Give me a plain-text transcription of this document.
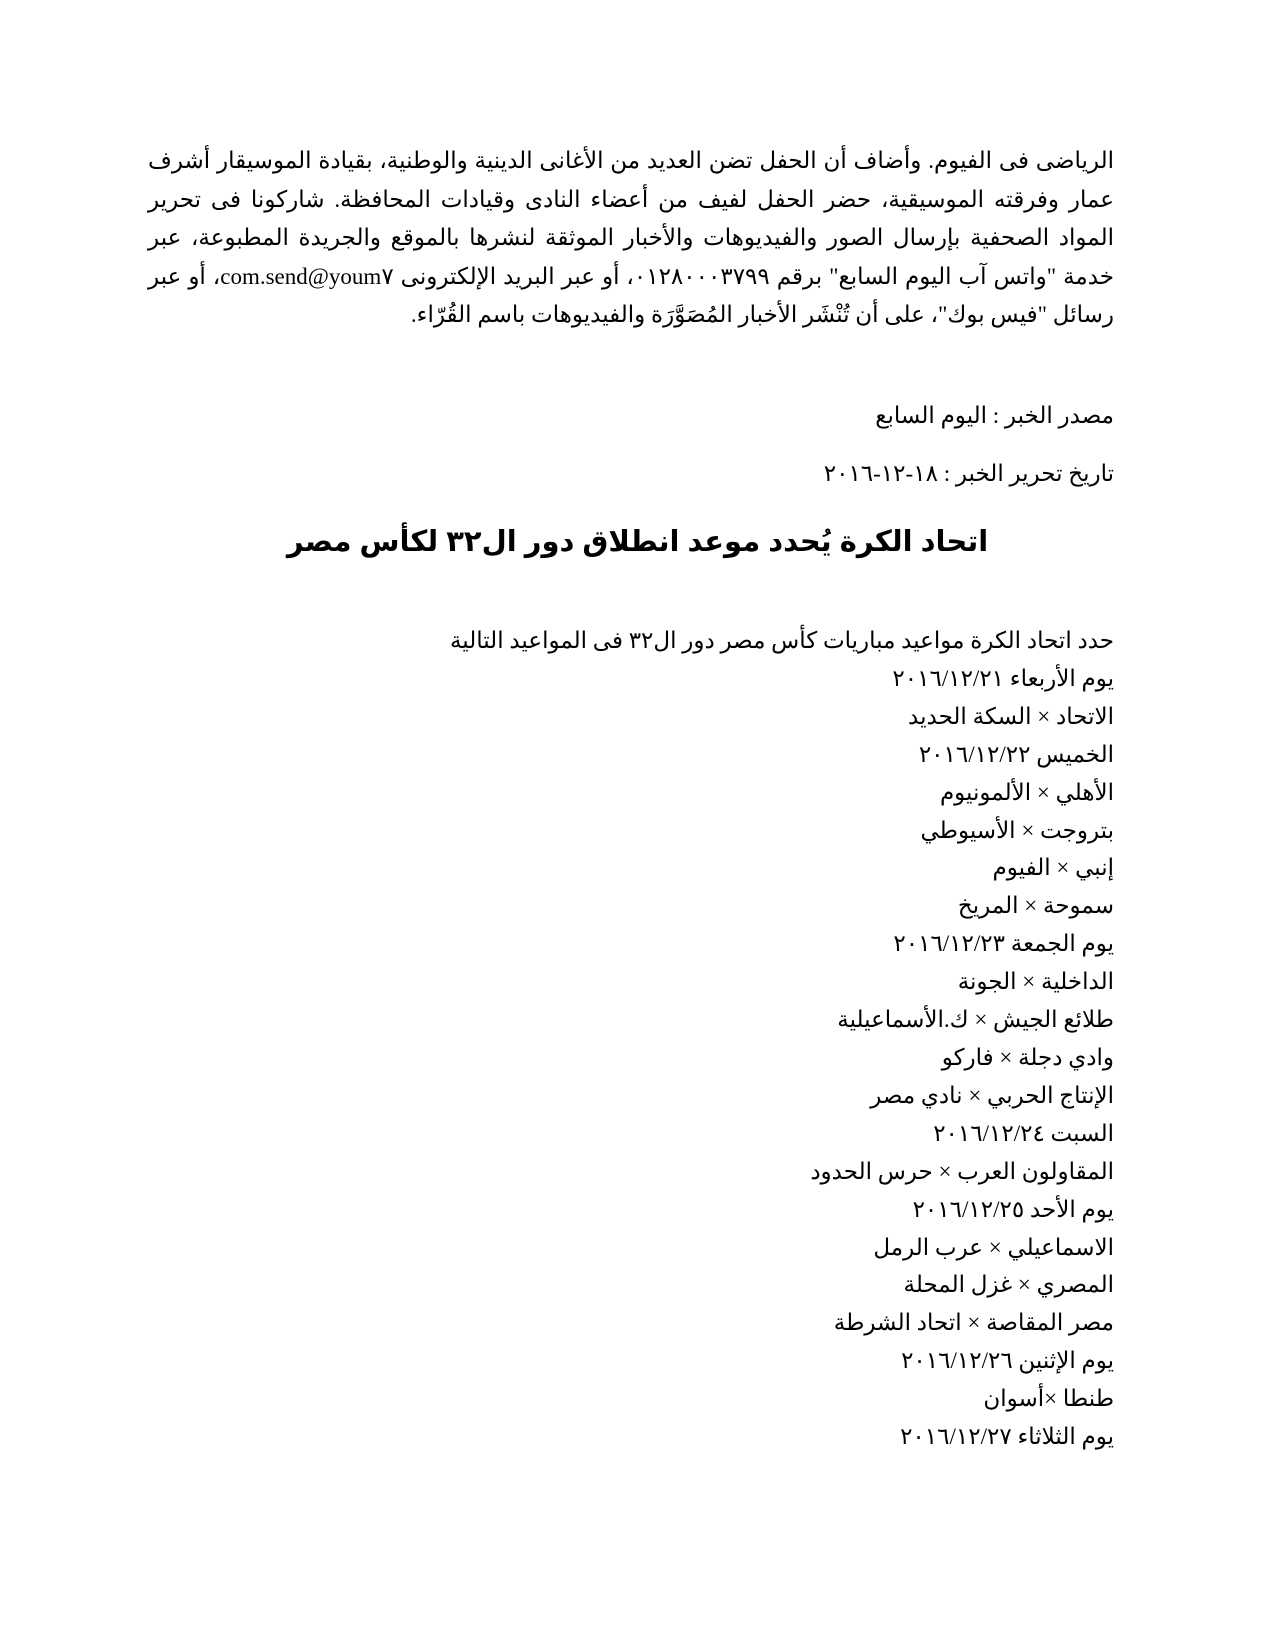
الرياضى فى الفيوم. وأضاف أن الحفل تضن العديد من الأغانى الدينية والوطنية، بقيادة الموسيقار أشرف عمار وفرقته الموسيقية، حضر الحفل لفيف من أعضاء النادى وقيادات المحافظة. شاركونا فى تحرير المواد الصحفية بإرسال الصور والفيديوهات والأخبار الموثقة لنشرها بالموقع والجريدة المطبوعة، عبر خدمة "واتس آب اليوم السابع" برقم ٠١٢٨٠٠٠٣٧٩٩، أو عبر البريد الإلكترونى send@youm٧.com، أو عبر رسائل "فيس بوك"، على أن تُنْشَر الأخبار المُصَوَّرَة والفيديوهات باسم القُرّاء.

مصدر الخبر : اليوم السابع
تاريخ تحرير الخبر : ١٨-١٢-٢٠١٦
اتحاد الكرة يُحدد موعد انطلاق دور ال٣٢ لكأس مصر
حدد اتحاد الكرة مواعيد مباريات كأس مصر دور ال٣٢ فى المواعيد التالية
يوم الأربعاء ٢٠١٦/١٢/٢١
الاتحاد × السكة الحديد
الخميس ٢٠١٦/١٢/٢٢
الأهلي × الألمونيوم
بتروجت × الأسيوطي
إنبي × الفيوم
سموحة × المريخ
يوم الجمعة ٢٠١٦/١٢/٢٣
الداخلية × الجونة
طلائع الجيش × ك.الأسماعيلية
وادي دجلة × فاركو
الإنتاج الحربي × نادي مصر
السبت ٢٠١٦/١٢/٢٤
المقاولون العرب × حرس الحدود
يوم الأحد ٢٠١٦/١٢/٢٥
الاسماعيلي × عرب الرمل
المصري × غزل المحلة
مصر المقاصة × اتحاد الشرطة
يوم الإثنين ٢٠١٦/١٢/٢٦
طنطا ×أسوان
يوم الثلاثاء ٢٠١٦/١٢/٢٧
